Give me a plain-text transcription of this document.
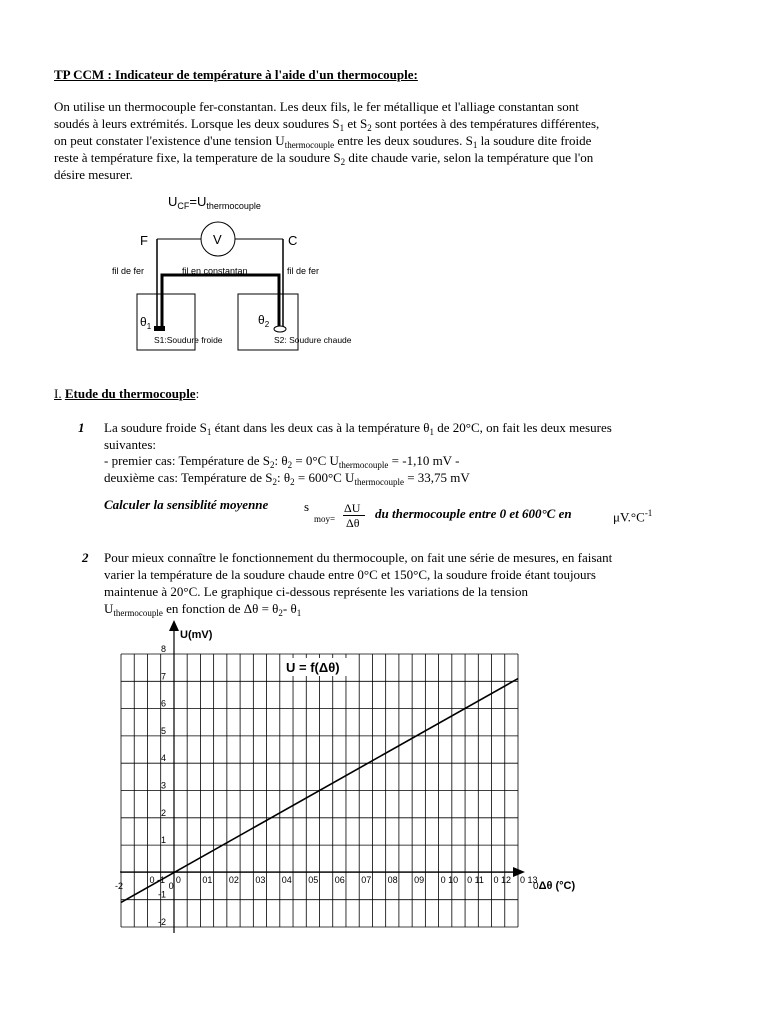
TP CCM : Indicateur de température à l'aide d'un thermocouple:
On utilise un thermocouple fer-constantan. Les deux fils, le fer métallique et l'alliage constantan sont
soudés à leurs extrémités. Lorsque les deux soudures $S_1$ et $S_2$ sont portées à des températures différentes,
on peut constater l'existence d'une tension $U_{thermocouple}$ entre les deux soudures. $S_1$ la soudure dite froide
reste à température fixe, la temperature de la soudure $S_2$ dite chaude varie, selon la température que l'on
désire mesurer.
$U_{CF}=U_{thermocouple}$
F	C
V
fil de fer	fil en constantan	fil de fer
$\theta_1$	$\theta_2$
S1:Soudure froide	S2: Soudure chaude
I. Etude du thermocouple:
1 La soudure froide $S_1$ étant dans les deux cas à la température $\theta_1$ de 20°C, on fait les deux mesures
suivantes:
- premier cas: Température de $S_2$: $\theta_2 = 0^\circ C$ $U_{thermocouple} = -1,10$ mV -
deuxième cas: Température de $S_2$: $\theta_2 = 600^\circ C$ $U_{thermocouple} = 33,75$ mV
Calculer la sensiblité moyenne	s
moy=
ΔU
Δθ
du thermocouple entre 0 et 600°C en	$\mu V.^\circ C^{-1}$
2 Pour mieux connaître le fonctionnement du thermocouple, on fait une série de mesures, en faisant
varier la température de la soudure chaude entre 0°C et 150°C, la soudure froide étant toujours
maintenue à 20°C. Le graphique ci-dessous représente les variations de la tension
$U_{thermocouple}$ en fonction de $\Delta\theta = \theta_2-$ $\theta_1$
U(mV)
0Δθ (°C)
U = f(Δθ)
-2
-1
1
2
3
4
5
6
7
8
0 -1 0 01 02 03 04 05 06 07 08 09 0 10 0 11 0 12 0 13
-2	0
